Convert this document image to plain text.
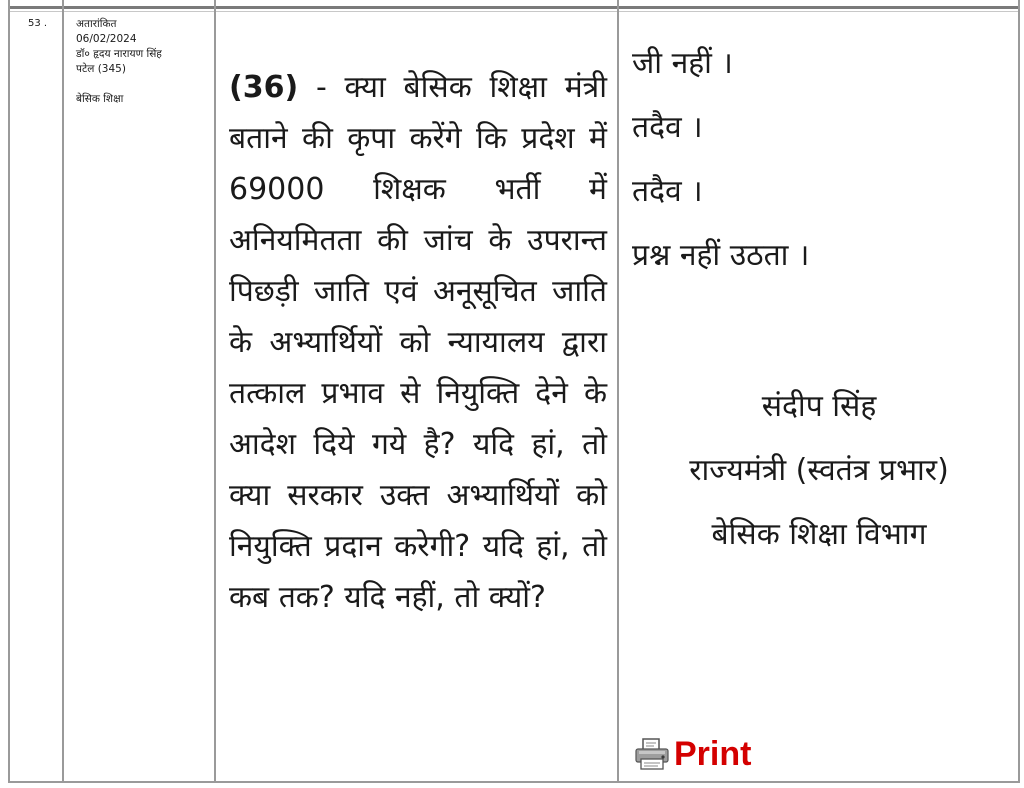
53 .	अतारांकित
06/02/2024
डॉ० हृदय नारायण सिंह
पटेल (345)
बेसिक शिक्षा	(36) - क्या बेसिक शिक्षा मंत्री बताने की कृपा करेंगे कि प्रदेश में 69000 शिक्षक भर्ती में अनियमितता की जांच के उपरान्त पिछड़ी जाति एवं अनूसूचित जाति के अभ्यार्थियों को न्यायालय द्वारा तत्काल प्रभाव से नियुक्ति देने के आदेश दिये गये है? यदि हां, तो क्या सरकार उक्त अभ्यार्थियों को नियुक्ति प्रदान करेगी? यदि हां, तो कब तक? यदि नहीं, तो क्यों?
जी नहीं ।
तदैव ।
तदैव ।
प्रश्न नहीं उठता ।
संदीप सिंह
राज्यमंत्री (स्वतंत्र प्रभार)
बेसिक शिक्षा विभाग
Print
